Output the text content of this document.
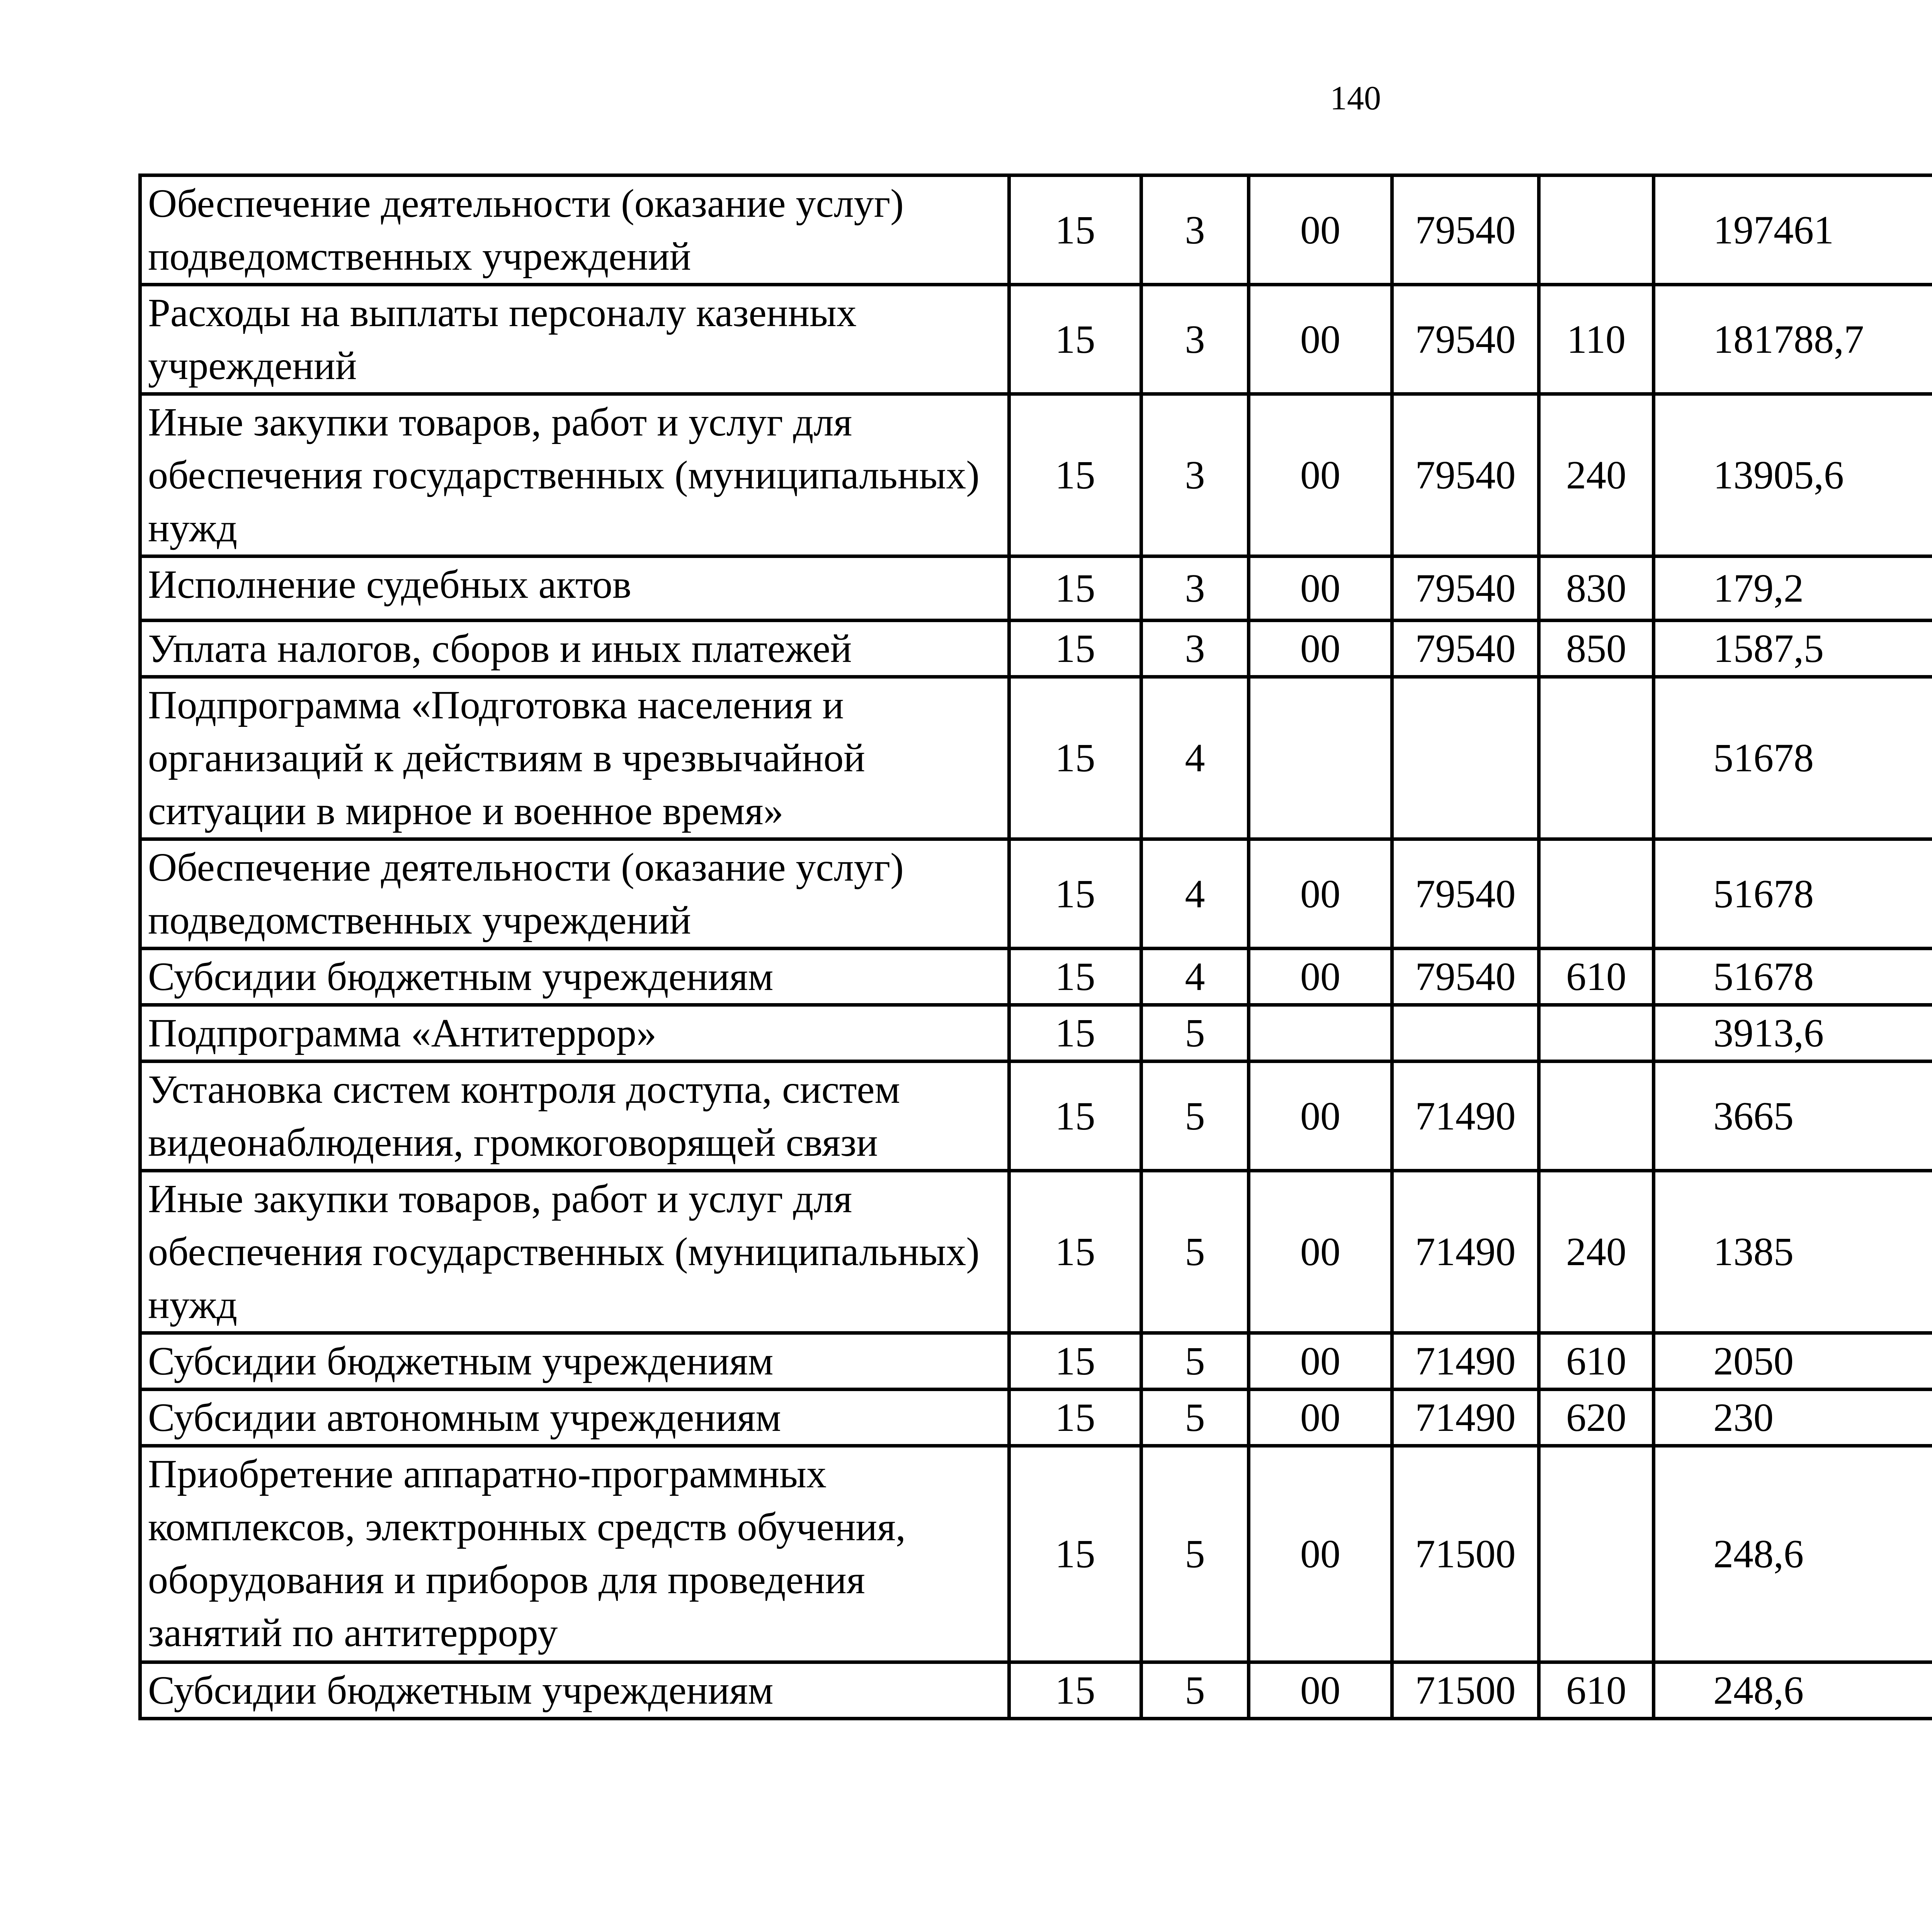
140
Обеспечение деятельности (оказание услуг) подведомственных учреждений	15	3	00	79540		197461		
Расходы на выплаты персоналу казенных учреждений	15	3	00	79540	110	181788,7		
Иные закупки товаров, работ и услуг для обеспечения государственных (муниципальных) нужд	15	3	00	79540	240	13905,6		
Исполнение судебных актов	15	3	00	79540	830	179,2		
Уплата налогов, сборов и иных платежей	15	3	00	79540	850	1587,5		
Подпрограмма «Подготовка населения и организаций к действиям в чрезвычайной ситуации в мирное и военное время»	15	4				51678		
Обеспечение деятельности (оказание услуг) подведомственных учреждений	15	4	00	79540		51678		
Субсидии бюджетным учреждениям	15	4	00	79540	610	51678		
Подпрограмма «Антитеррор»	15	5				3913,6		
Установка систем контроля доступа, систем видеонаблюдения, громкоговорящей связи	15	5	00	71490		3665		
Иные закупки товаров, работ и услуг для обеспечения государственных (муниципальных) нужд	15	5	00	71490	240	1385		
Субсидии бюджетным учреждениям	15	5	00	71490	610	2050		
Субсидии автономным учреждениям	15	5	00	71490	620	230		
Приобретение аппаратно-программных комплексов, электронных средств обучения, оборудования и приборов для проведения занятий по антитеррору	15	5	00	71500		248,6		
Субсидии бюджетным учреждениям	15	5	00	71500	610	248,6		
